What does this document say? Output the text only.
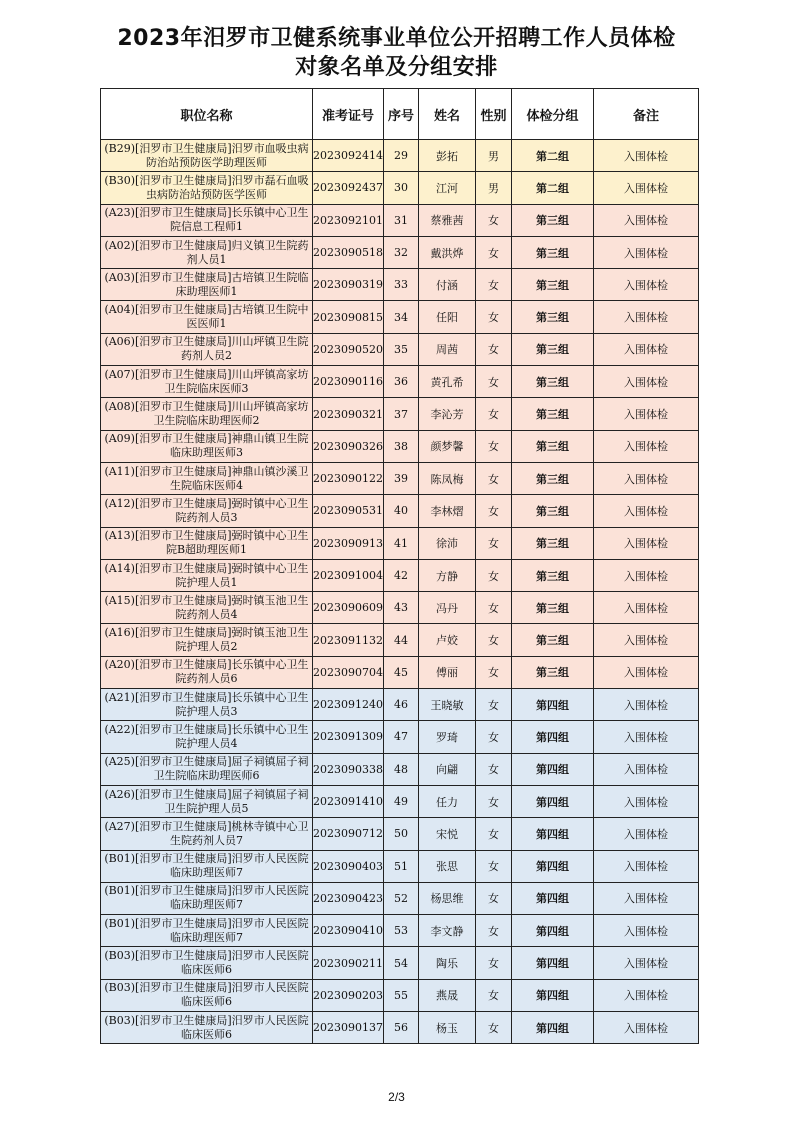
2023年汨罗市卫健系统事业单位公开招聘工作人员体检
对象名单及分组安排
职位名称	准考证号	序号	姓名	性别	体检分组	备注
(B29)[汨罗市卫生健康局]汨罗市血吸虫病防治站预防医学助理医师	2023092414	29	彭拓	男	第二组	入围体检
(B30)[汨罗市卫生健康局]汨罗市磊石血吸虫病防治站预防医学医师	2023092437	30	江河	男	第二组	入围体检
(A23)[汨罗市卫生健康局]长乐镇中心卫生院信息工程师1	2023092101	31	蔡雅茜	女	第三组	入围体检
(A02)[汨罗市卫生健康局]归义镇卫生院药剂人员1	2023090518	32	戴洪烨	女	第三组	入围体检
(A03)[汨罗市卫生健康局]古培镇卫生院临床助理医师1	2023090319	33	付涵	女	第三组	入围体检
(A04)[汨罗市卫生健康局]古培镇卫生院中医医师1	2023090815	34	任阳	女	第三组	入围体检
(A06)[汨罗市卫生健康局]川山坪镇卫生院药剂人员2	2023090520	35	周茜	女	第三组	入围体检
(A07)[汨罗市卫生健康局]川山坪镇高家坊卫生院临床医师3	2023090116	36	黄孔希	女	第三组	入围体检
(A08)[汨罗市卫生健康局]川山坪镇高家坊卫生院临床助理医师2	2023090321	37	李沁芳	女	第三组	入围体检
(A09)[汨罗市卫生健康局]神鼎山镇卫生院临床助理医师3	2023090326	38	颜梦馨	女	第三组	入围体检
(A11)[汨罗市卫生健康局]神鼎山镇沙溪卫生院临床医师4	2023090122	39	陈凤梅	女	第三组	入围体检
(A12)[汨罗市卫生健康局]弼时镇中心卫生院药剂人员3	2023090531	40	李林熠	女	第三组	入围体检
(A13)[汨罗市卫生健康局]弼时镇中心卫生院B超助理医师1	2023090913	41	徐沛	女	第三组	入围体检
(A14)[汨罗市卫生健康局]弼时镇中心卫生院护理人员1	2023091004	42	方静	女	第三组	入围体检
(A15)[汨罗市卫生健康局]弼时镇玉池卫生院药剂人员4	2023090609	43	冯丹	女	第三组	入围体检
(A16)[汨罗市卫生健康局]弼时镇玉池卫生院护理人员2	2023091132	44	卢姣	女	第三组	入围体检
(A20)[汨罗市卫生健康局]长乐镇中心卫生院药剂人员6	2023090704	45	傅丽	女	第三组	入围体检
(A21)[汨罗市卫生健康局]长乐镇中心卫生院护理人员3	2023091240	46	王晓敏	女	第四组	入围体检
(A22)[汨罗市卫生健康局]长乐镇中心卫生院护理人员4	2023091309	47	罗琦	女	第四组	入围体检
(A25)[汨罗市卫生健康局]屈子祠镇屈子祠卫生院临床助理医师6	2023090338	48	向翩	女	第四组	入围体检
(A26)[汨罗市卫生健康局]屈子祠镇屈子祠卫生院护理人员5	2023091410	49	任力	女	第四组	入围体检
(A27)[汨罗市卫生健康局]桃林寺镇中心卫生院药剂人员7	2023090712	50	宋悦	女	第四组	入围体检
(B01)[汨罗市卫生健康局]汨罗市人民医院临床助理医师7	2023090403	51	张思	女	第四组	入围体检
(B01)[汨罗市卫生健康局]汨罗市人民医院临床助理医师7	2023090423	52	杨思维	女	第四组	入围体检
(B01)[汨罗市卫生健康局]汨罗市人民医院临床助理医师7	2023090410	53	李文静	女	第四组	入围体检
(B03)[汨罗市卫生健康局]汨罗市人民医院临床医师6	2023090211	54	陶乐	女	第四组	入围体检
(B03)[汨罗市卫生健康局]汨罗市人民医院临床医师6	2023090203	55	燕晟	女	第四组	入围体检
(B03)[汨罗市卫生健康局]汨罗市人民医院临床医师6	2023090137	56	杨玉	女	第四组	入围体检
2/3
